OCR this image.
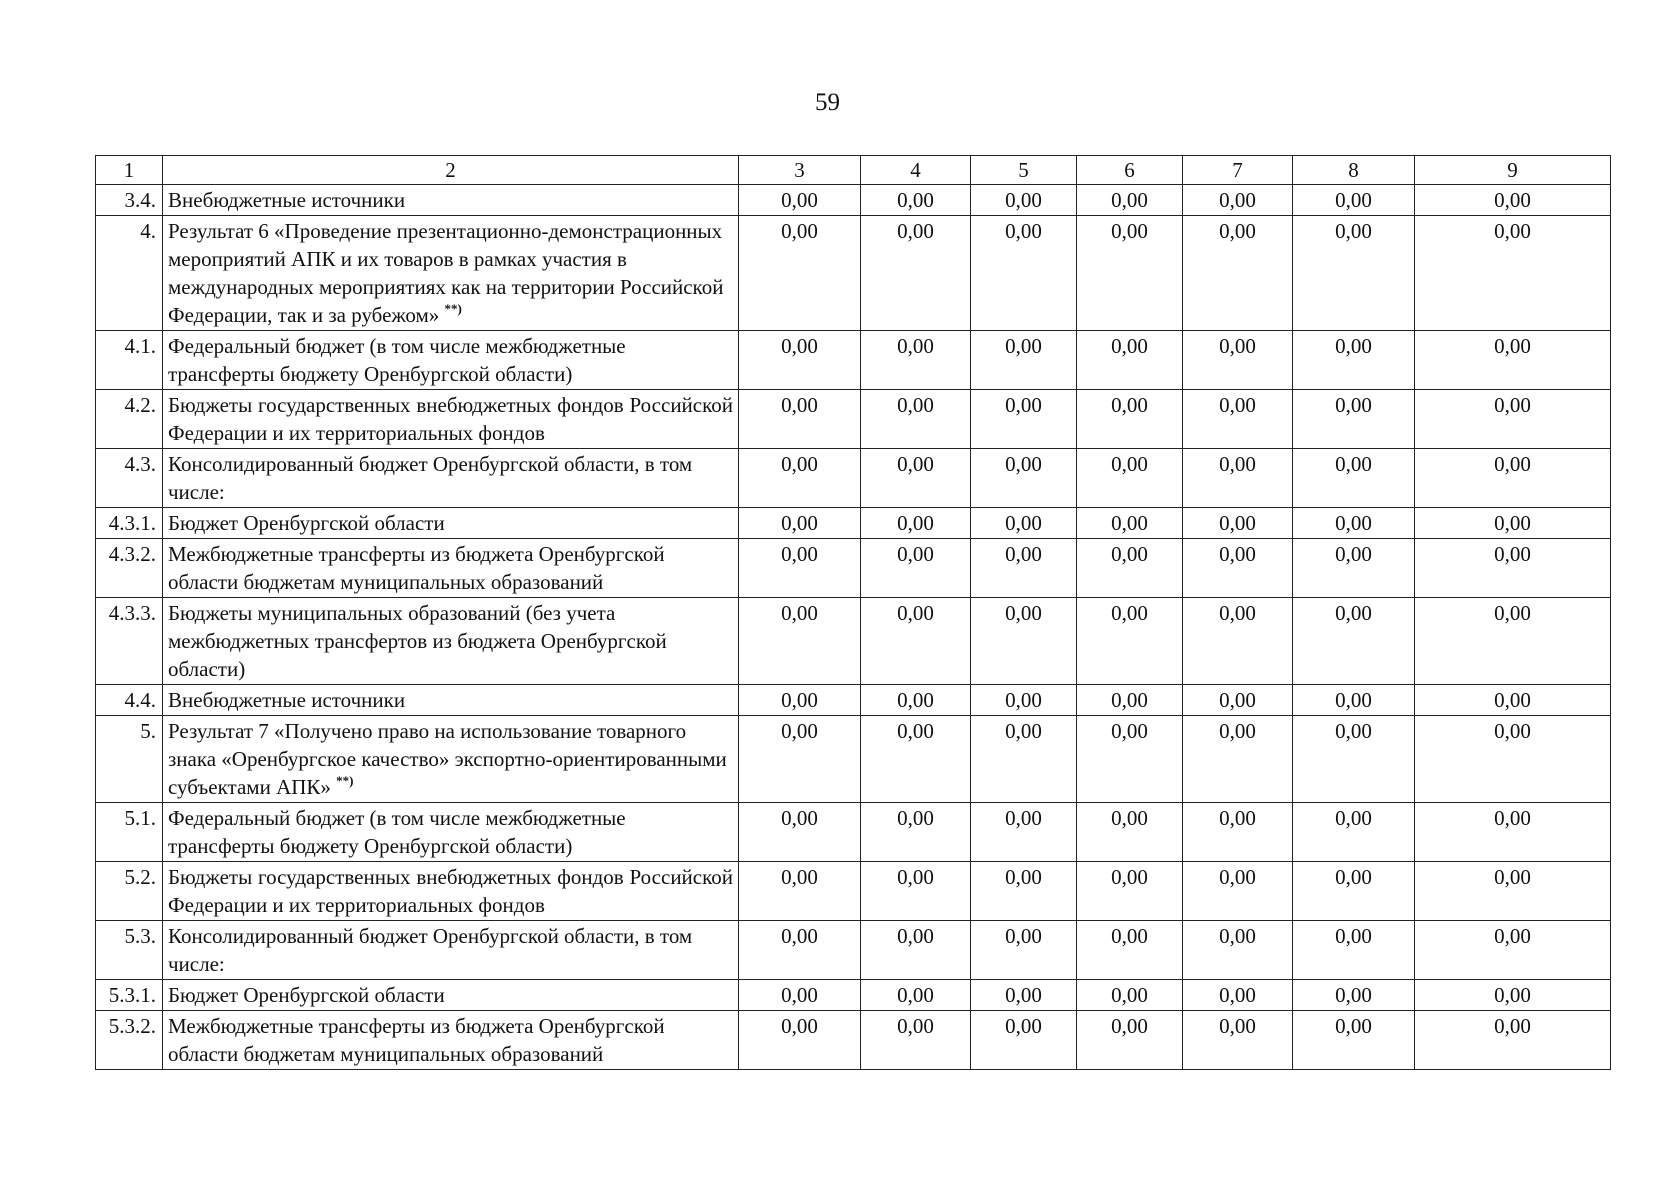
59
1	2	3	4	5	6	7	8	9
3.4.	Внебюджетные источники	0,00	0,00	0,00	0,00	0,00	0,00	0,00
4.	Результат 6 «Проведение презентационно-демонстрационных мероприятий АПК и их товаров в рамках участия в международных мероприятиях как на территории Российской Федерации, так и за рубежом» **)	0,00	0,00	0,00	0,00	0,00	0,00	0,00
4.1.	Федеральный бюджет (в том числе межбюджетные трансферты бюджету Оренбургской области)	0,00	0,00	0,00	0,00	0,00	0,00	0,00
4.2.	Бюджеты государственных внебюджетных фондов Российской Федерации и их территориальных фондов	0,00	0,00	0,00	0,00	0,00	0,00	0,00
4.3.	Консолидированный бюджет Оренбургской области, в том числе:	0,00	0,00	0,00	0,00	0,00	0,00	0,00
4.3.1.	Бюджет Оренбургской области	0,00	0,00	0,00	0,00	0,00	0,00	0,00
4.3.2.	Межбюджетные трансферты из бюджета Оренбургской области бюджетам муниципальных образований	0,00	0,00	0,00	0,00	0,00	0,00	0,00
4.3.3.	Бюджеты муниципальных образований (без учета межбюджетных трансфертов из бюджета Оренбургской области)	0,00	0,00	0,00	0,00	0,00	0,00	0,00
4.4.	Внебюджетные источники	0,00	0,00	0,00	0,00	0,00	0,00	0,00
5.	Результат 7 «Получено право на использование товарного знака «Оренбургское качество» экспортно-ориентированными субъектами АПК» **)	0,00	0,00	0,00	0,00	0,00	0,00	0,00
5.1.	Федеральный бюджет (в том числе межбюджетные трансферты бюджету Оренбургской области)	0,00	0,00	0,00	0,00	0,00	0,00	0,00
5.2.	Бюджеты государственных внебюджетных фондов Российской Федерации и их территориальных фондов	0,00	0,00	0,00	0,00	0,00	0,00	0,00
5.3.	Консолидированный бюджет Оренбургской области, в том числе:	0,00	0,00	0,00	0,00	0,00	0,00	0,00
5.3.1.	Бюджет Оренбургской области	0,00	0,00	0,00	0,00	0,00	0,00	0,00
5.3.2.	Межбюджетные трансферты из бюджета Оренбургской области бюджетам муниципальных образований	0,00	0,00	0,00	0,00	0,00	0,00	0,00
